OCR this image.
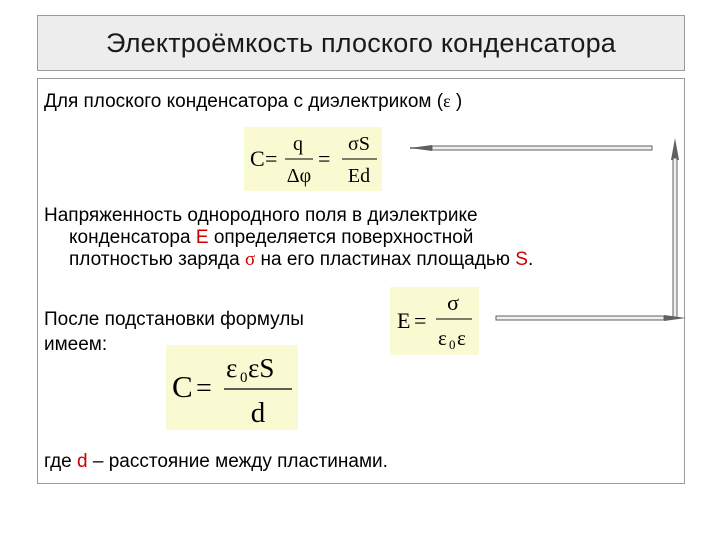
Электроёмкость плоского конденсатора
Для плоского конденсатора с диэлектриком (ε )
C =
q
Δφ
=
σS
Ed
Напряженность однородного поля в диэлектрике
конденсатора E определяется поверхностной
плотностью заряда σ на его пластинах площадью S.
После подстановки формулы
имеем:
E =
σ
ε 0 ε
C =
ε 0 εS
d
где d – расстояние между пластинами.
